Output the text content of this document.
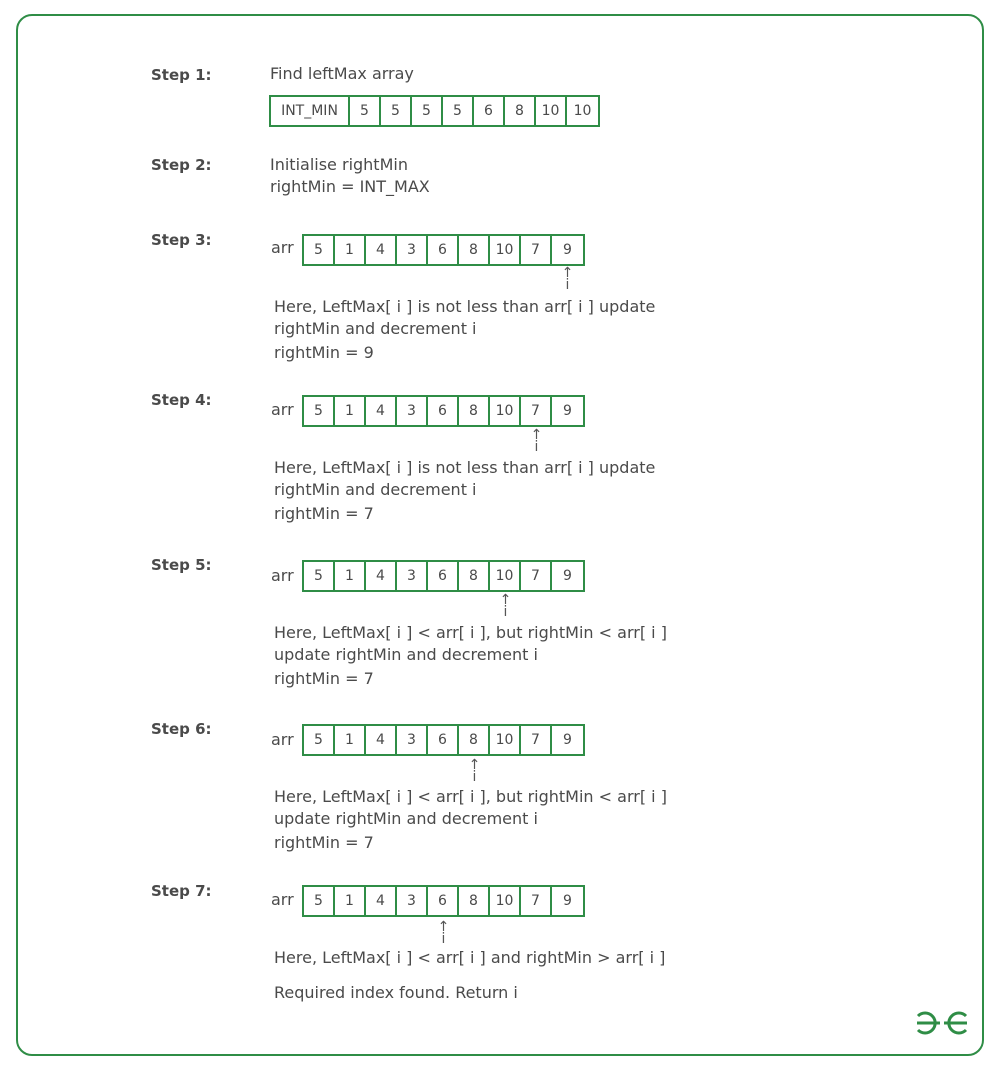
Step 1:	Find leftMax array
INT_MIN	5	5	5	5	6	8	10	10
Step 2:	Initialise rightMin
rightMin = INT_MAX
Step 3:	arr	5	1	4	3	6	8	10	7	9
↑
i
Here, LeftMax[ i ] is not less than arr[ i ] update
rightMin and decrement i
rightMin = 9
Step 4:	arr	5	1	4	3	6	8	10	7	9
↑
i
Here, LeftMax[ i ] is not less than arr[ i ] update
rightMin and decrement i
rightMin = 7
Step 5:
arr	5	1	4	3	6	8	10	7	9
↑
i
Here, LeftMax[ i ] < arr[ i ], but rightMin < arr[ i ]
update rightMin and decrement i
rightMin = 7
Step 6:
arr	5	1	4	3	6	8	10	7	9
↑
i
Here, LeftMax[ i ] < arr[ i ], but rightMin < arr[ i ]
update rightMin and decrement i
rightMin = 7
Step 7:	arr	5	1	4	3	6	8	10	7	9
↑
i
Here, LeftMax[ i ] < arr[ i ] and rightMin > arr[ i ]
Required index found. Return i
